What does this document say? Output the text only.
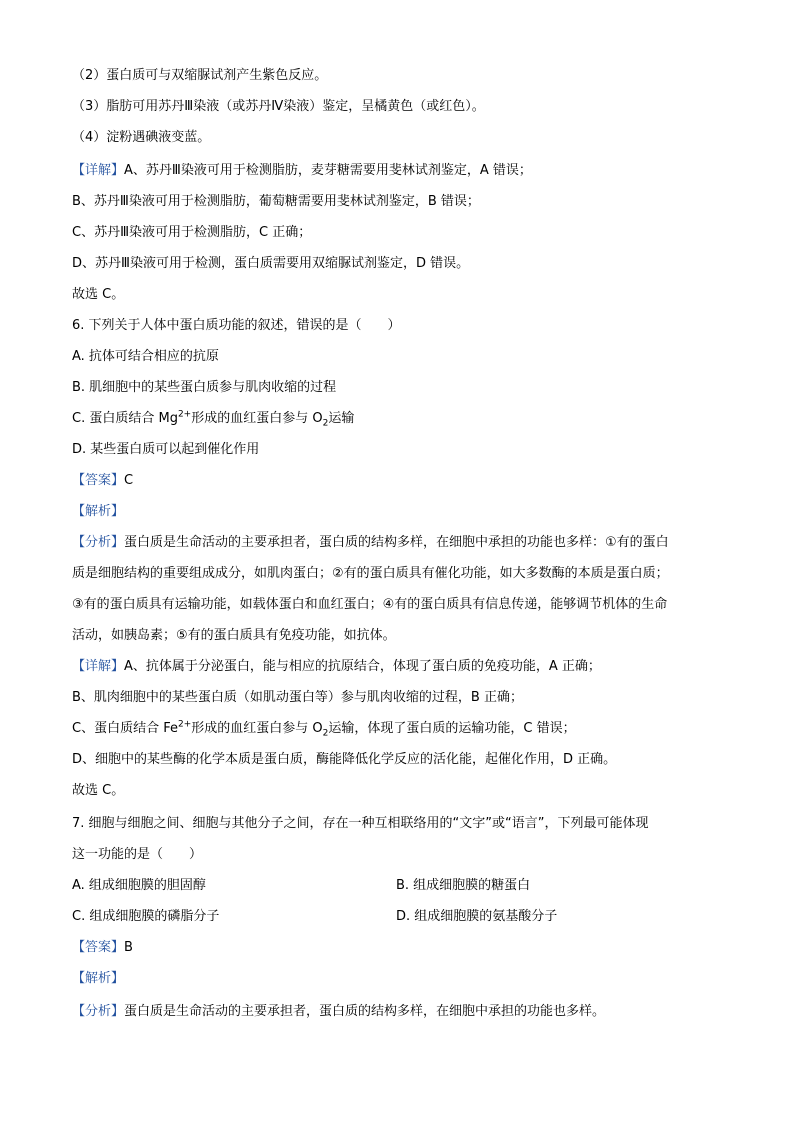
（2）蛋白质可与双缩脲试剂产生紫色反应。
（3）脂肪可用苏丹Ⅲ染液（或苏丹Ⅳ染液）鉴定，呈橘黄色（或红色）。
（4）淀粉遇碘液变蓝。
【详解】A、苏丹Ⅲ染液可用于检测脂肪，麦芽糖需要用斐林试剂鉴定，A 错误；
B、苏丹Ⅲ染液可用于检测脂肪，葡萄糖需要用斐林试剂鉴定，B 错误；
C、苏丹Ⅲ染液可用于检测脂肪，C 正确；
D、苏丹Ⅲ染液可用于检测，蛋白质需要用双缩脲试剂鉴定，D 错误。
故选 C。
6. 下列关于人体中蛋白质功能的叙述，错误的是（　　）
A. 抗体可结合相应的抗原
B. 肌细胞中的某些蛋白质参与肌肉收缩的过程
C. 蛋白质结合 $Mg^{2+}$形成的血红蛋白参与 $O_2$运输
D. 某些蛋白质可以起到催化作用
【答案】C
【解析】
【分析】蛋白质是生命活动的主要承担者，蛋白质的结构多样，在细胞中承担的功能也多样：①有的蛋白
质是细胞结构的重要组成成分，如肌肉蛋白；②有的蛋白质具有催化功能，如大多数酶的本质是蛋白质；
③有的蛋白质具有运输功能，如载体蛋白和血红蛋白；④有的蛋白质具有信息传递，能够调节机体的生命
活动，如胰岛素；⑤有的蛋白质具有免疫功能，如抗体。
【详解】A、抗体属于分泌蛋白，能与相应的抗原结合，体现了蛋白质的免疫功能，A 正确；
B、肌肉细胞中的某些蛋白质（如肌动蛋白等）参与肌肉收缩的过程，B 正确；
C、蛋白质结合 $Fe^{2+}$形成的血红蛋白参与 $O_2$运输，体现了蛋白质的运输功能，C 错误；
D、细胞中的某些酶的化学本质是蛋白质，酶能降低化学反应的活化能，起催化作用，D 正确。
故选 C。
7. 细胞与细胞之间、细胞与其他分子之间，存在一种互相联络用的“文字”或“语言”，下列最可能体现
这一功能的是（　　）
A. 组成细胞膜的胆固醇	B. 组成细胞膜的糖蛋白
C. 组成细胞膜的磷脂分子	D. 组成细胞膜的氨基酸分子
【答案】B
【解析】
【分析】蛋白质是生命活动的主要承担者，蛋白质的结构多样，在细胞中承担的功能也多样。
